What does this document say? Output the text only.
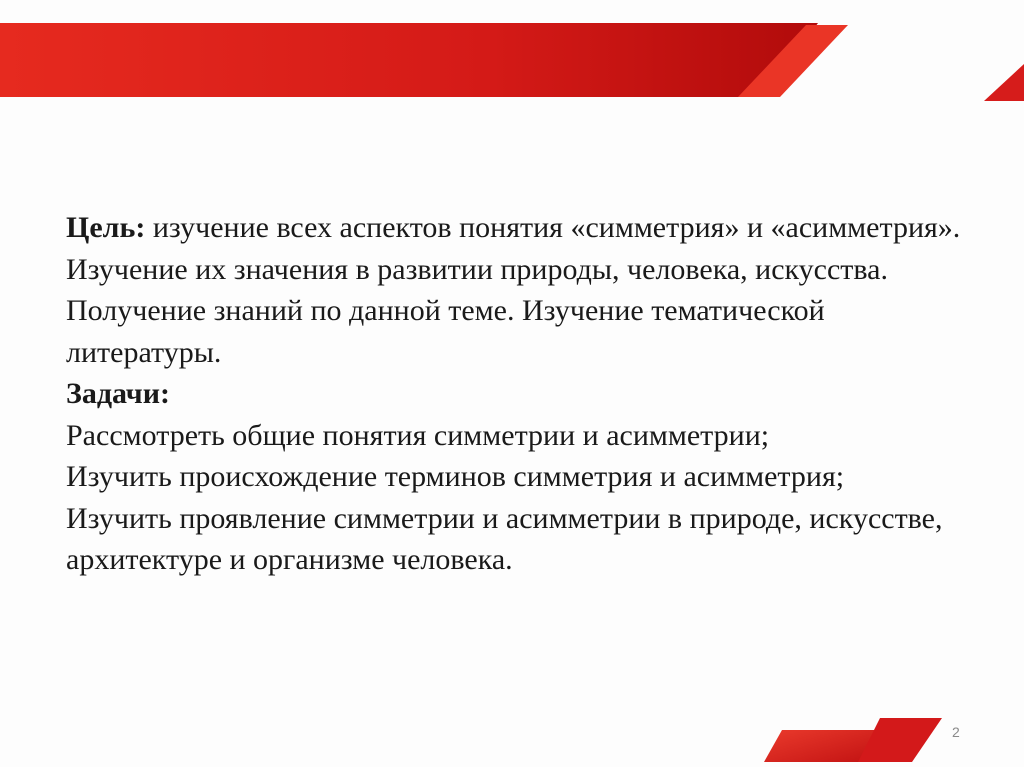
Цель: изучение всех аспектов понятия «симметрия» и «асимметрия». Изучение их значения в развитии природы, человека, искусства. Получение знаний по данной теме. Изучение тематической литературы.

Задачи:

Рассмотреть общие понятия симметрии и асимметрии;

Изучить происхождение терминов симметрия и асимметрия;

Изучить проявление симметрии и асимметрии в природе, искусстве, архитектуре и организме человека.

2
